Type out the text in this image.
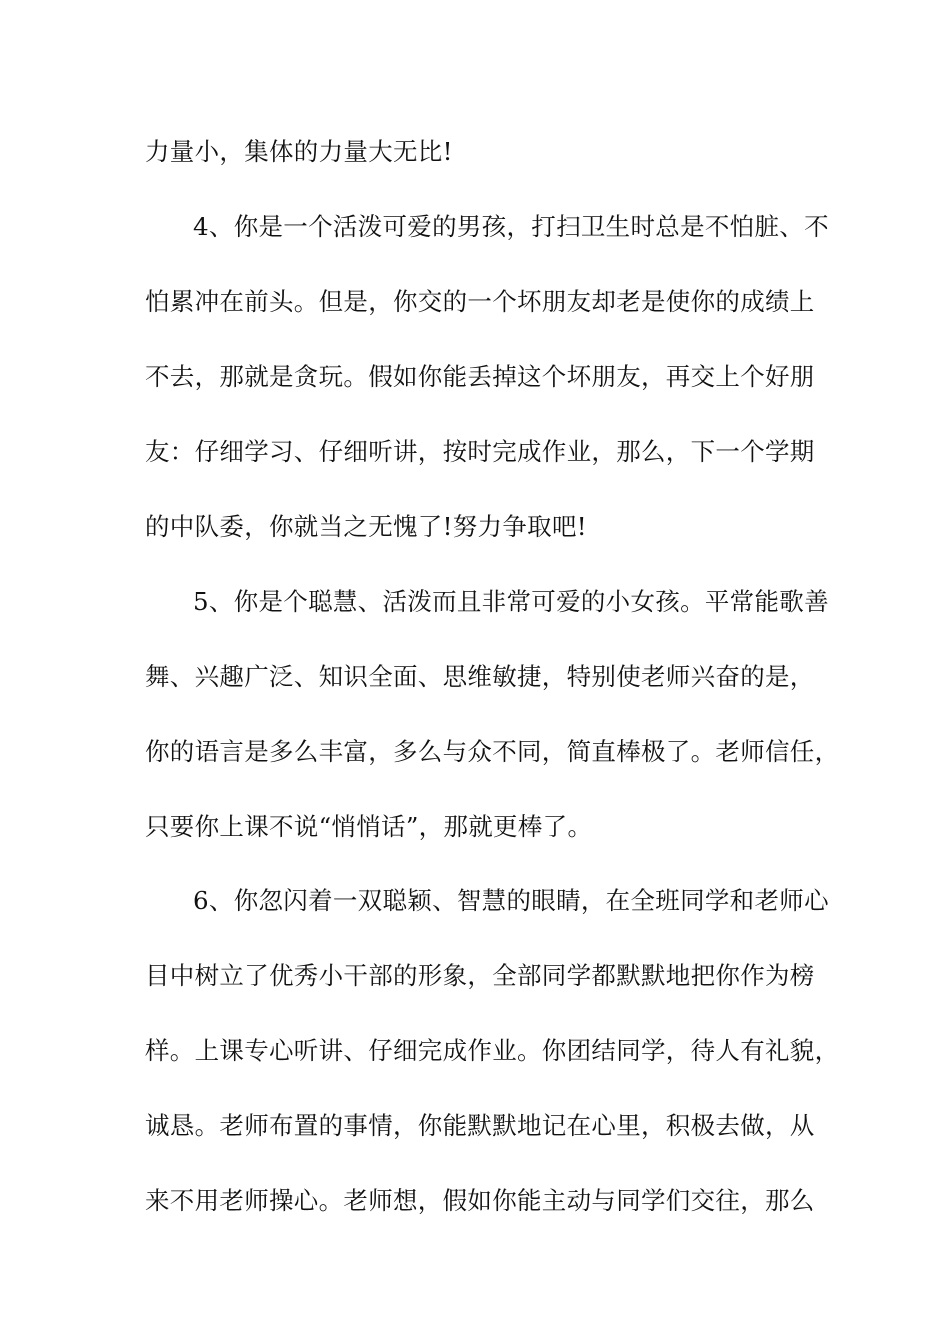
力量小，集体的力量大无比!
4、你是一个活泼可爱的男孩，打扫卫生时总是不怕脏、不
怕累冲在前头。但是，你交的一个坏朋友却老是使你的成绩上
不去，那就是贪玩。假如你能丢掉这个坏朋友，再交上个好朋
友：仔细学习、仔细听讲，按时完成作业，那么，下一个学期
的中队委，你就当之无愧了!努力争取吧!
5、你是个聪慧、活泼而且非常可爱的小女孩。平常能歌善
舞、兴趣广泛、知识全面、思维敏捷，特别使老师兴奋的是，
你的语言是多么丰富，多么与众不同，简直棒极了。老师信任，
只要你上课不说“悄悄话”，那就更棒了。
6、你忽闪着一双聪颖、智慧的眼睛，在全班同学和老师心
目中树立了优秀小干部的形象，全部同学都默默地把你作为榜
样。上课专心听讲、仔细完成作业。你团结同学，待人有礼貌，
诚恳。老师布置的事情，你能默默地记在心里，积极去做，从
来不用老师操心。老师想，假如你能主动与同学们交往，那么
